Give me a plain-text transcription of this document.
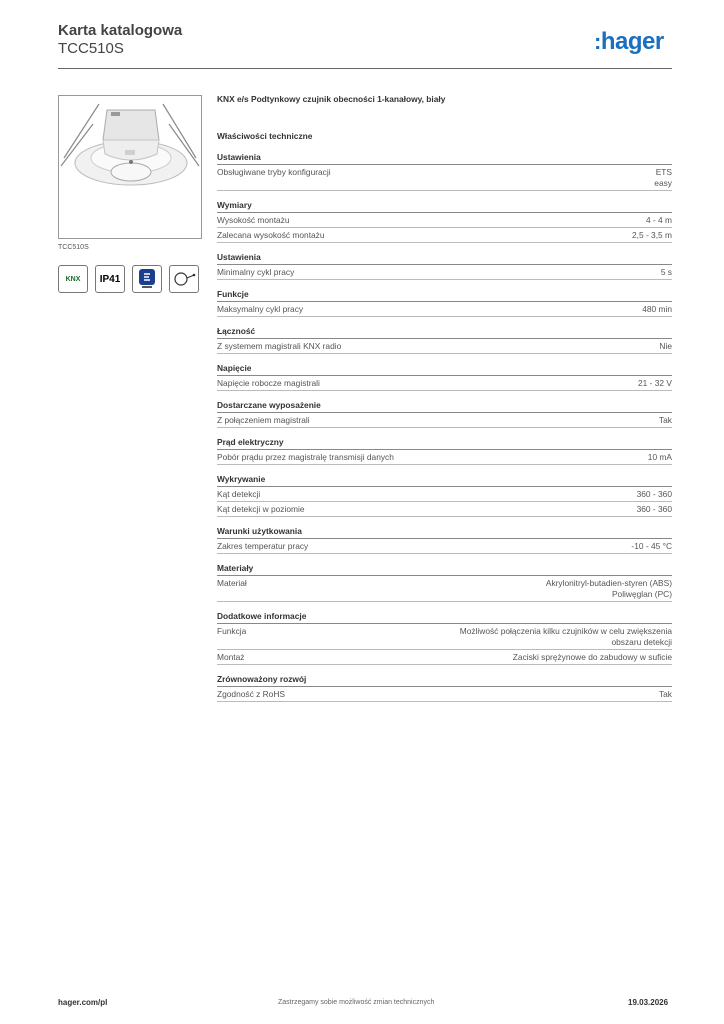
Karta katalogowa
TCC510S	:hager
TCC510S
KNX IP41
KNX e/s Podtynkowy czujnik obecności 1-kanałowy, biały
Właściwości techniczne
Ustawienia
Obsługiwane tryby konfiguracji	ETS
easy
Wymiary
Wysokość montażu	4 - 4 m
Zalecana wysokość montażu	2,5 - 3,5 m
Ustawienia
Minimalny cykl pracy	5 s
Funkcje
Maksymalny cykl pracy	480 min
Łączność
Z systemem magistrali KNX radio	Nie
Napięcie
Napięcie robocze magistrali	21 - 32 V
Dostarczane wyposażenie
Z połączeniem magistrali	Tak
Prąd elektryczny
Pobór prądu przez magistralę transmisji danych	10 mA
Wykrywanie
Kąt detekcji	360 - 360
Kąt detekcji w poziomie	360 - 360
Warunki użytkowania
Zakres temperatur pracy	-10 - 45 °C
Materiały
Materiał	Akrylonitryl-butadien-styren (ABS)
Poliwęglan (PC)
Dodatkowe informacje
Funkcja	Możliwość połączenia kilku czujników w celu zwiększenia
obszaru detekcji
Montaż	Zaciski sprężynowe do zabudowy w suficie
Zrównoważony rozwój
Zgodność z RoHS	Tak
hager.com/pl	Zastrzegamy sobie możliwość zmian technicznych	19.03.2026
